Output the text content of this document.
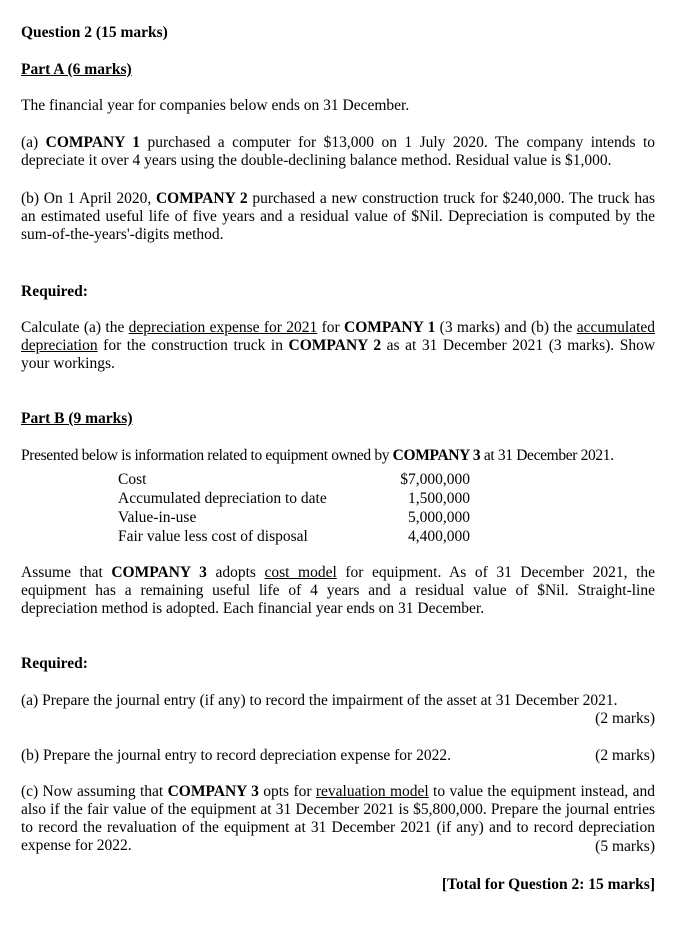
Question 2 (15 marks)
Part A (6 marks)
The financial year for companies below ends on 31 December.
(a) COMPANY 1 purchased a computer for $13,000 on 1 July 2020. The company intends to depreciate it over 4 years using the double-declining balance method. Residual value is $1,000.
(b) On 1 April 2020, COMPANY 2 purchased a new construction truck for $240,000. The truck has an estimated useful life of five years and a residual value of $Nil. Depreciation is computed by the sum-of-the-years'-digits method.
Required:
Calculate (a) the depreciation expense for 2021 for COMPANY 1 (3 marks) and (b) the accumulated depreciation for the construction truck in COMPANY 2 as at 31 December 2021 (3 marks). Show your workings.
Part B (9 marks)
Presented below is information related to equipment owned by COMPANY 3 at 31 December 2021.
Cost	$7,000,000
Accumulated depreciation to date	1,500,000
Value-in-use	5,000,000
Fair value less cost of disposal	4,400,000
Assume that COMPANY 3 adopts cost model for equipment. As of 31 December 2021, the equipment has a remaining useful life of 4 years and a residual value of $Nil. Straight-line depreciation method is adopted. Each financial year ends on 31 December.
Required:
(a) Prepare the journal entry (if any) to record the impairment of the asset at 31 December 2021.
(2 marks)
(b) Prepare the journal entry to record depreciation expense for 2022.	(2 marks)
(c) Now assuming that COMPANY 3 opts for revaluation model to value the equipment instead, and also if the fair value of the equipment at 31 December 2021 is $5,800,000. Prepare the journal entries to record the revaluation of the equipment at 31 December 2021 (if any) and to record depreciation expense for 2022.	(5 marks)
[Total for Question 2: 15 marks]
